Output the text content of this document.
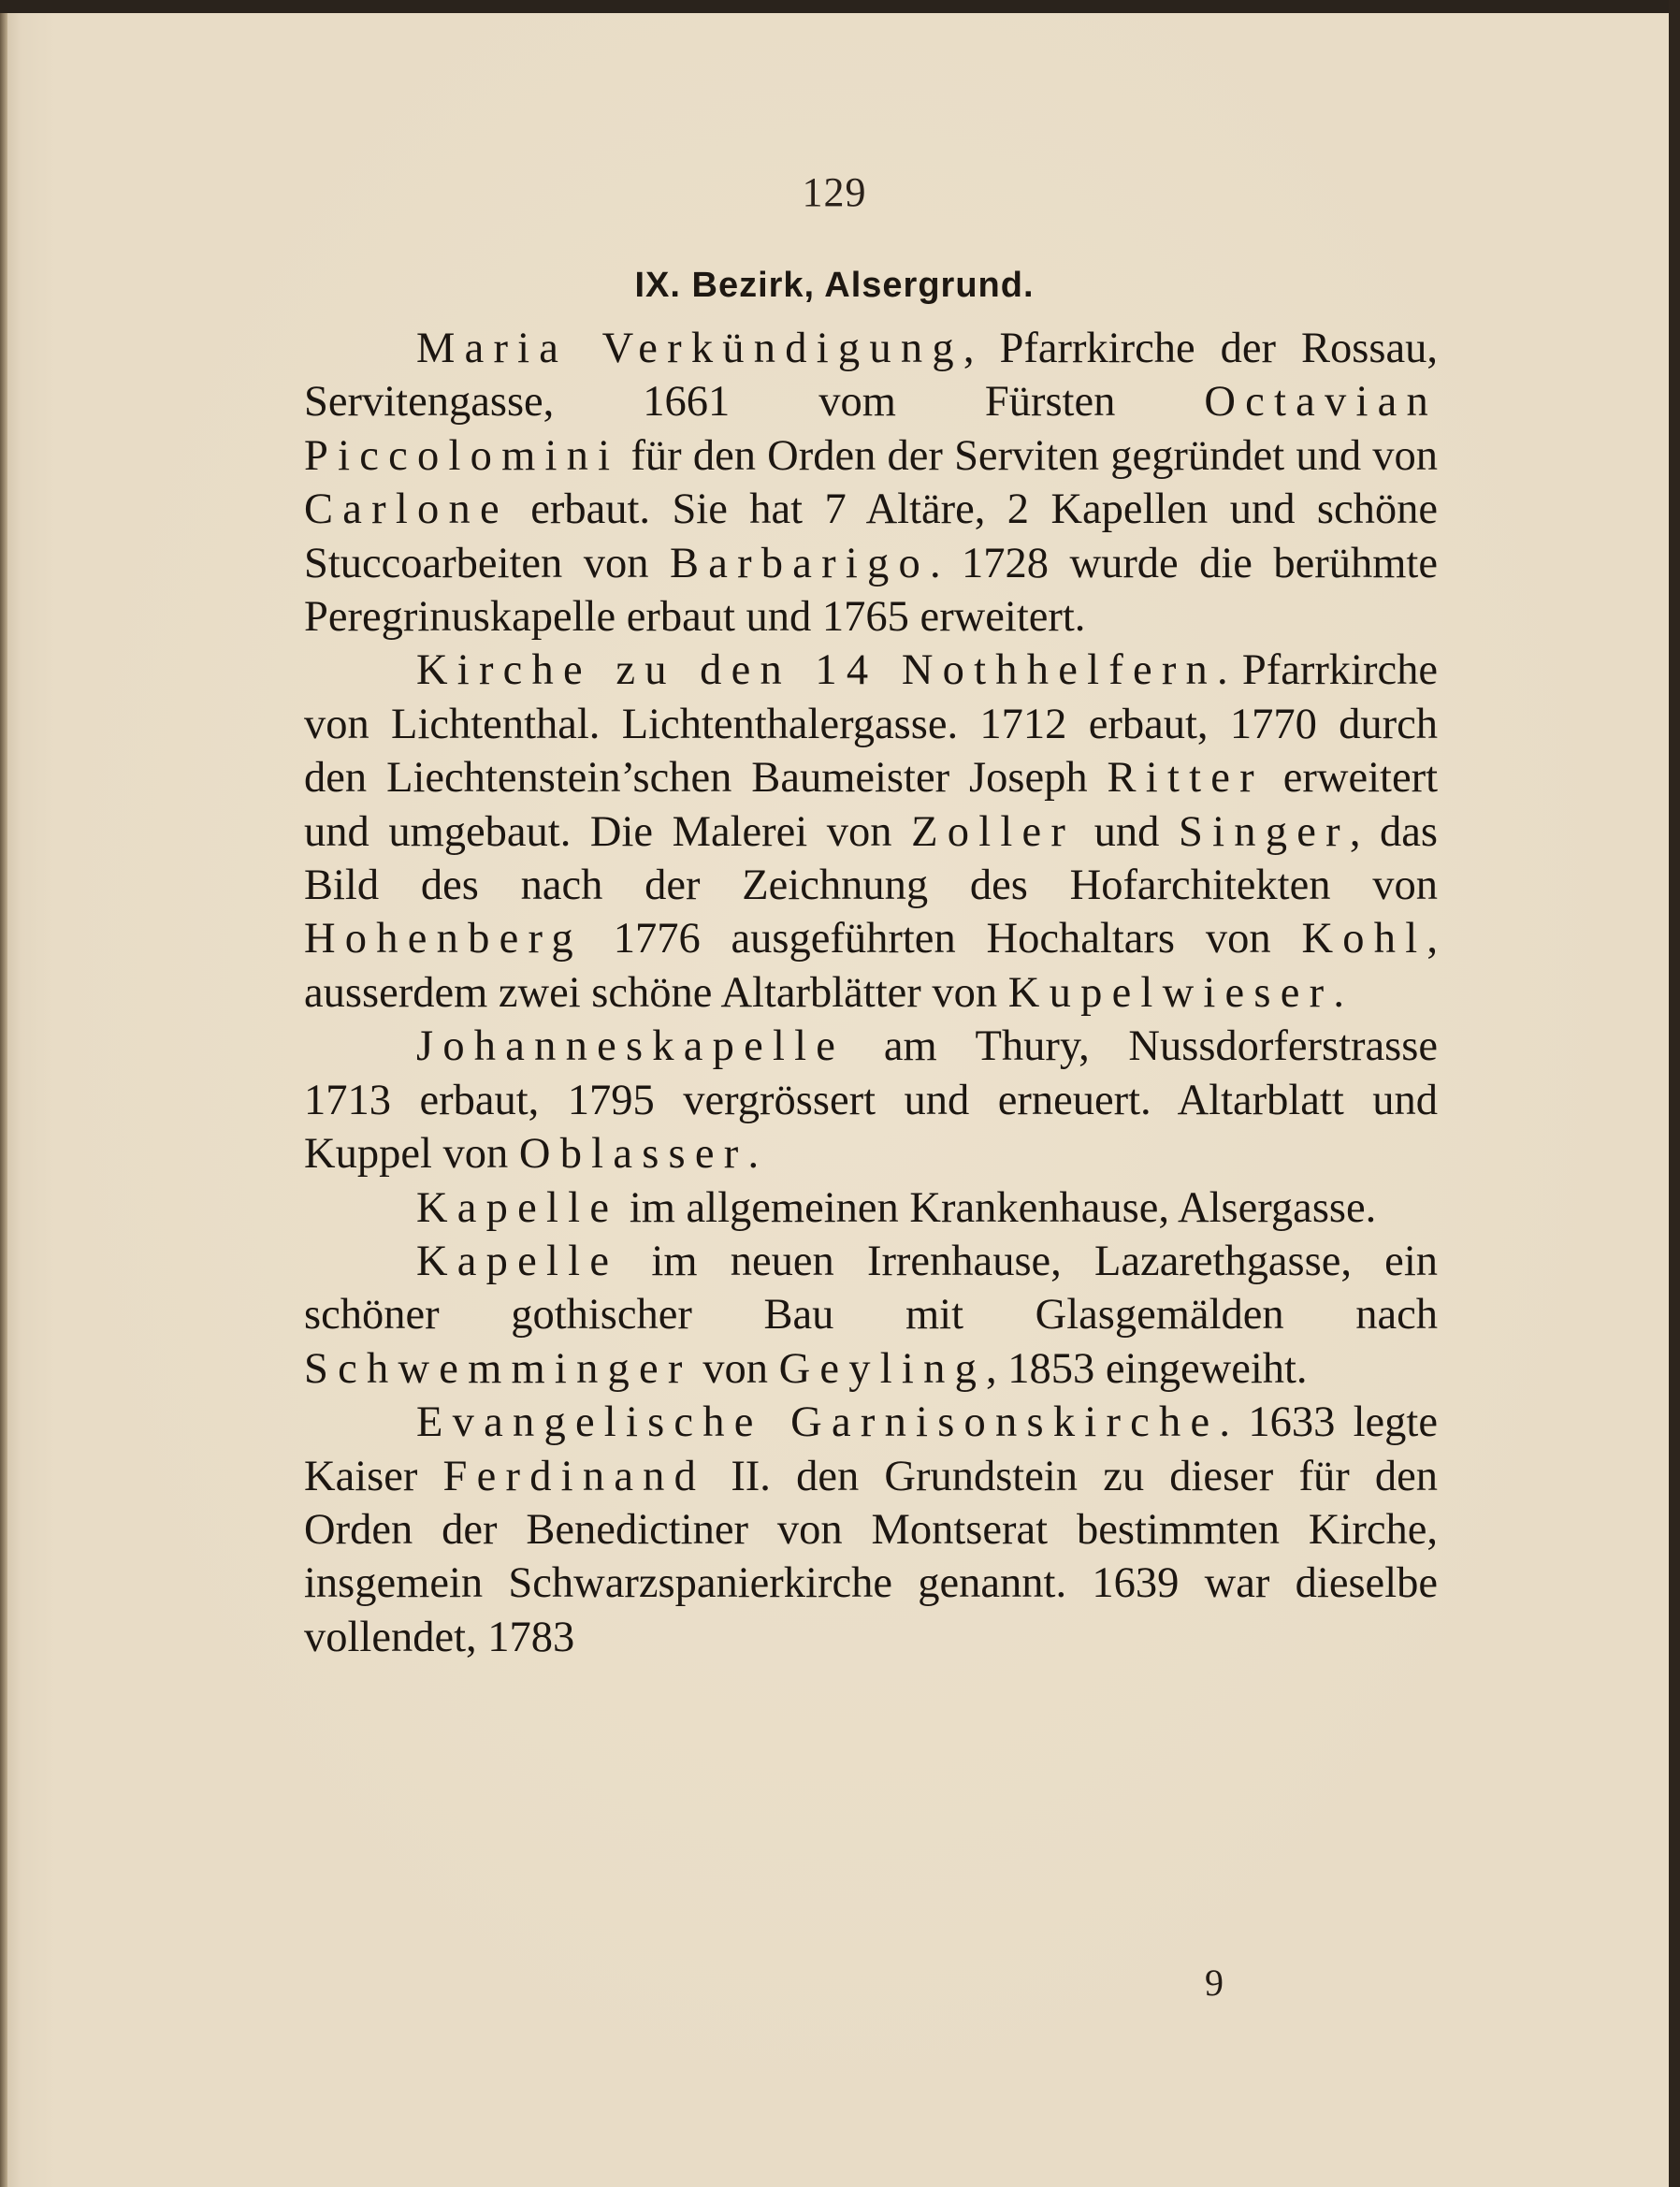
129
IX. Bezirk, Alsergrund.

Maria Verkündigung, Pfarrkirche der Rossau, Servitengasse, 1661 vom Fürsten Octavian Piccolomini für den Orden der Serviten gegründet und von Carlone erbaut. Sie hat 7 Altäre, 2 Kapellen und schöne Stuccoarbeiten von Barbarigo. 1728 wurde die berühmte Peregrinuskapelle erbaut und 1765 erweitert.

Kirche zu den 14 Nothhelfern. Pfarrkirche von Lichtenthal. Lichtenthalergasse. 1712 erbaut, 1770 durch den Liechtenstein’schen Baumeister Joseph Ritter erweitert und umgebaut. Die Malerei von Zoller und Singer, das Bild des nach der Zeichnung des Hofarchitekten von Hohenberg 1776 ausgeführten Hochaltars von Kohl, ausserdem zwei schöne Altarblätter von Kupelwieser.

Johanneskapelle am Thury, Nussdorferstrasse 1713 erbaut, 1795 vergrössert und erneuert. Altarblatt und Kuppel von Oblasser.

Kapelle im allgemeinen Krankenhause, Alsergasse.

Kapelle im neuen Irrenhause, Lazarethgasse, ein schöner gothischer Bau mit Glasgemälden nach Schwemminger von Geyling, 1853 eingeweiht.

Evangelische Garnisonskirche. 1633 legte Kaiser Ferdinand II. den Grundstein zu dieser für den Orden der Benedictiner von Montserat bestimmten Kirche, insgemein Schwarzspanierkirche genannt. 1639 war dieselbe vollendet, 1783

9
